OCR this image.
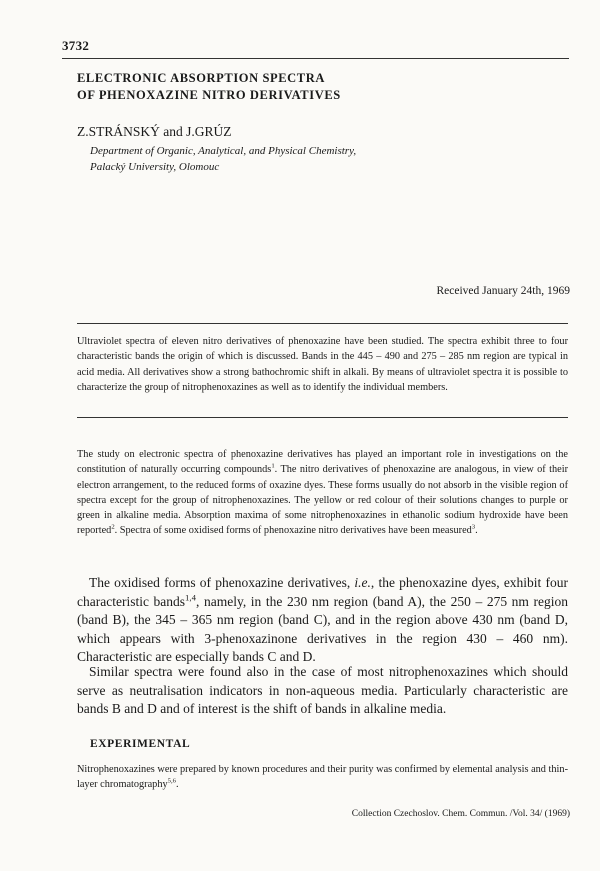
3732
ELECTRONIC ABSORPTION SPECTRA
OF PHENOXAZINE NITRO DERIVATIVES
Z.STRÁNSKÝ and J.GRÚZ
Department of Organic, Analytical, and Physical Chemistry,
Palacký University, Olomouc
Received January 24th, 1969

Ultraviolet spectra of eleven nitro derivatives of phenoxazine have been studied. The spectra exhibit three to four characteristic bands the origin of which is discussed. Bands in the 445 – 490 and 275 – 285 nm region are typical in acid media. All derivatives show a strong bathochromic shift in alkali. By means of ultraviolet spectra it is possible to characterize the group of nitrophenoxazines as well as to identify the individual members.

The study on electronic spectra of phenoxazine derivatives has played an important role in investigations on the constitution of naturally occurring compounds$^1$. The nitro derivatives of phenoxazine are analogous, in view of their electron arrangement, to the reduced forms of oxazine dyes. These forms usually do not absorb in the visible region of spectra except for the group of nitrophenoxazines. The yellow or red colour of their solutions changes to purple or green in alkaline media. Absorption maxima of some nitrophenoxazines in ethanolic sodium hydroxide have been reported$^2$. Spectra of some oxidised forms of phenoxazine nitro derivatives have been measured$^3$.

The oxidised forms of phenoxazine derivatives, i.e., the phenoxazine dyes, exhibit four characteristic bands$^{1,4}$, namely, in the 230 nm region (band A), the 250 – 275 nm region (band B), the 345 – 365 nm region (band C), and in the region above 430 nm (band D, which appears with 3-phenoxazinone derivatives in the region 430 – 460 nm). Characteristic are especially bands C and D.

Similar spectra were found also in the case of most nitrophenoxazines which should serve as neutralisation indicators in non-aqueous media. Particularly characteristic are bands B and D and of interest is the shift of bands in alkaline media.

EXPERIMENTAL

Nitrophenoxazines were prepared by known procedures and their purity was confirmed by elemental analysis and thin-layer chromatography$^{5,6}$.

Collection Czechoslov. Chem. Commun. /Vol. 34/ (1969)
